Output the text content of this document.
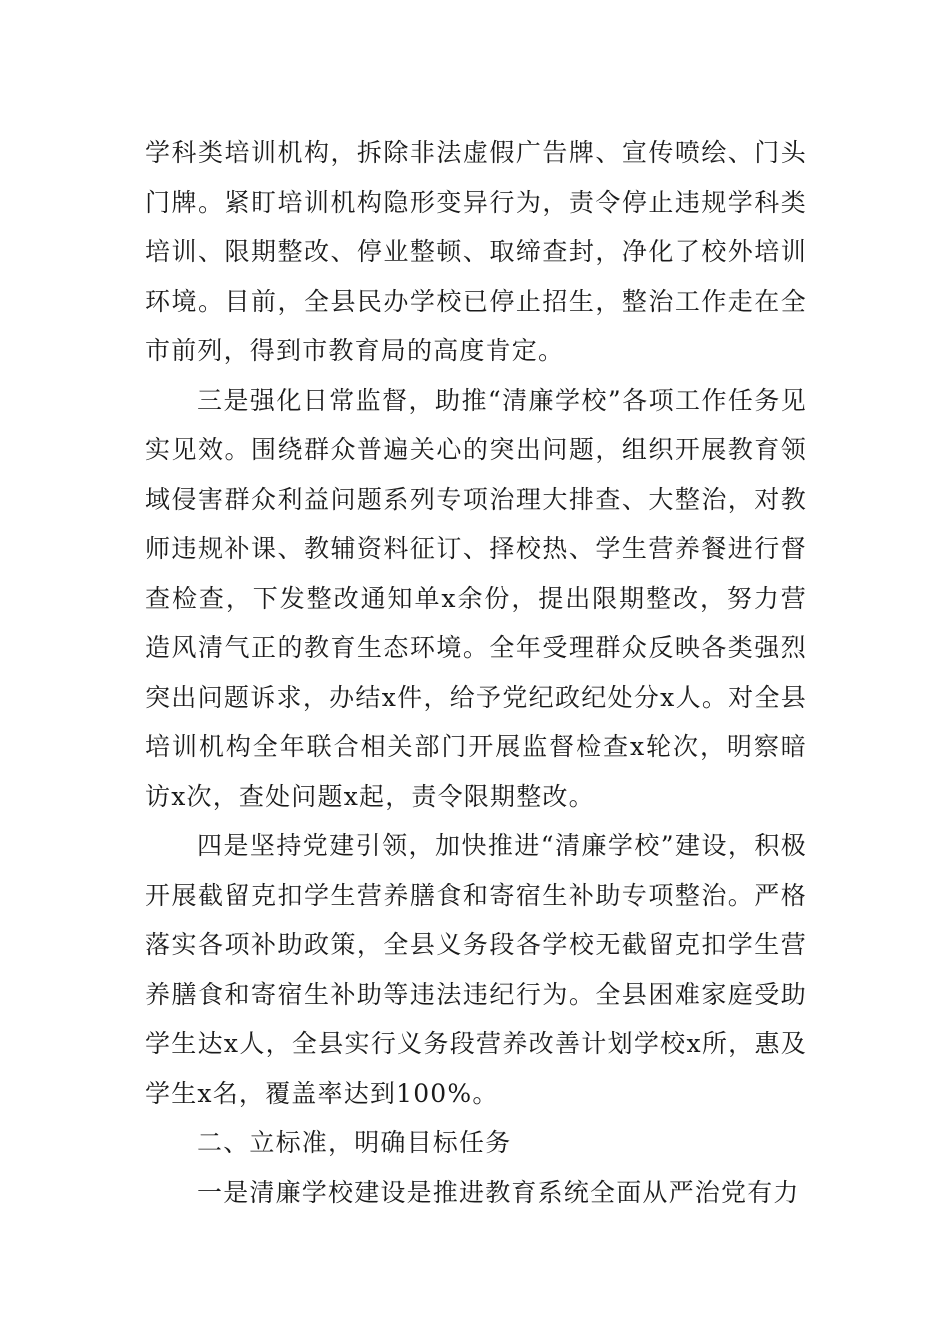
学科类培训机构，拆除非法虚假广告牌、宣传喷绘、门头门牌。紧盯培训机构隐形变异行为，责令停止违规学科类培训、限期整改、停业整顿、取缔查封，净化了校外培训环境。目前，全县民办学校已停止招生，整治工作走在全市前列，得到市教育局的高度肯定。

三是强化日常监督，助推“清廉学校”各项工作任务见实见效。围绕群众普遍关心的突出问题，组织开展教育领域侵害群众利益问题系列专项治理大排查、大整治，对教师违规补课、教辅资料征订、择校热、学生营养餐进行督查检查，下发整改通知单x余份，提出限期整改，努力营造风清气正的教育生态环境。全年受理群众反映各类强烈突出问题诉求，办结x件，给予党纪政纪处分x人。对全县培训机构全年联合相关部门开展监督检查x轮次，明察暗访x次，查处问题x起，责令限期整改。

四是坚持党建引领，加快推进“清廉学校”建设，积极开展截留克扣学生营养膳食和寄宿生补助专项整治。严格落实各项补助政策，全县义务段各学校无截留克扣学生营养膳食和寄宿生补助等违法违纪行为。全县困难家庭受助学生达x人，全县实行义务段营养改善计划学校x所，惠及学生x名，覆盖率达到100%。

二、立标准，明确目标任务

一是清廉学校建设是推进教育系统全面从严治党有力
